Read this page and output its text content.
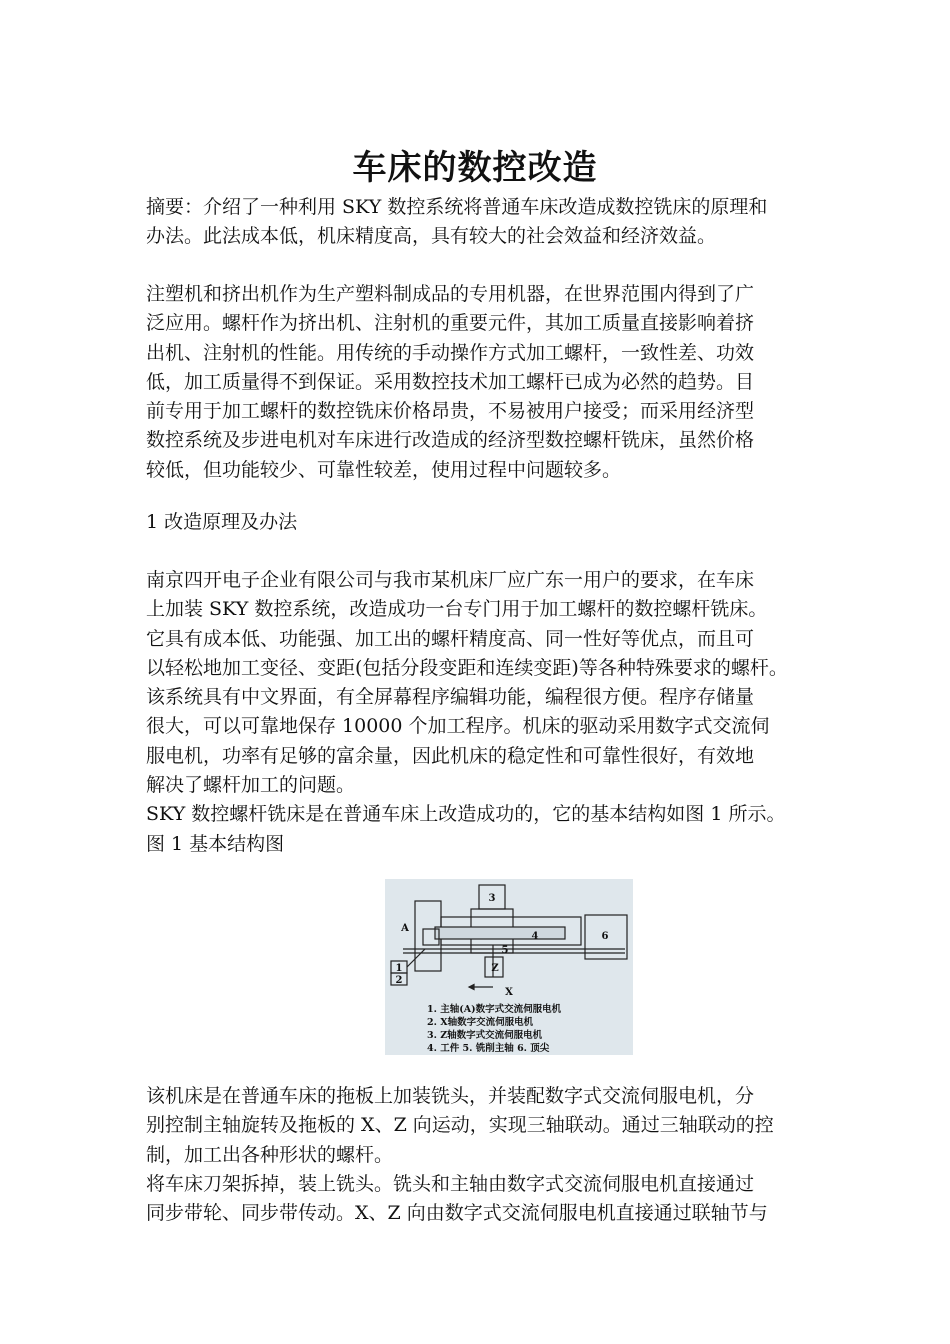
车床的数控改造
摘要：介绍了一种利用 SKY 数控系统将普通车床改造成数控铣床的原理和
办法。此法成本低，机床精度高，具有较大的社会效益和经济效益。
注塑机和挤出机作为生产塑料制成品的专用机器，在世界范围内得到了广
泛应用。螺杆作为挤出机、注射机的重要元件，其加工质量直接影响着挤
出机、注射机的性能。用传统的手动操作方式加工螺杆，一致性差、功效
低，加工质量得不到保证。采用数控技术加工螺杆已成为必然的趋势。目
前专用于加工螺杆的数控铣床价格昂贵，不易被用户接受；而采用经济型
数控系统及步进电机对车床进行改造成的经济型数控螺杆铣床，虽然价格
较低，但功能较少、可靠性较差，使用过程中问题较多。
1 改造原理及办法
南京四开电子企业有限公司与我市某机床厂应广东一用户的要求，在车床
上加装 SKY 数控系统，改造成功一台专门用于加工螺杆的数控螺杆铣床。
它具有成本低、功能强、加工出的螺杆精度高、同一性好等优点，而且可
以轻松地加工变径、变距(包括分段变距和连续变距)等各种特殊要求的螺杆。
该系统具有中文界面，有全屏幕程序编辑功能，编程很方便。程序存储量
很大，可以可靠地保存 10000 个加工程序。机床的驱动采用数字式交流伺
服电机，功率有足够的富余量，因此机床的稳定性和可靠性很好，有效地
解决了螺杆加工的问题。
SKY 数控螺杆铣床是在普通车床上改造成功的，它的基本结构如图 1 所示。
图 1 基本结构图
A
1
2
3
4
5
6
Z
X
1. 主轴(A)数字式交流伺服电机
2. X轴数字交流伺服电机
3. Z轴数字式交流伺服电机
4. 工件 5. 铣削主轴 6. 顶尖
该机床是在普通车床的拖板上加装铣头，并装配数字式交流伺服电机，分
别控制主轴旋转及拖板的 X、Z 向运动，实现三轴联动。通过三轴联动的控
制，加工出各种形状的螺杆。
将车床刀架拆掉，装上铣头。铣头和主轴由数字式交流伺服电机直接通过
同步带轮、同步带传动。X、Z 向由数字式交流伺服电机直接通过联轴节与
